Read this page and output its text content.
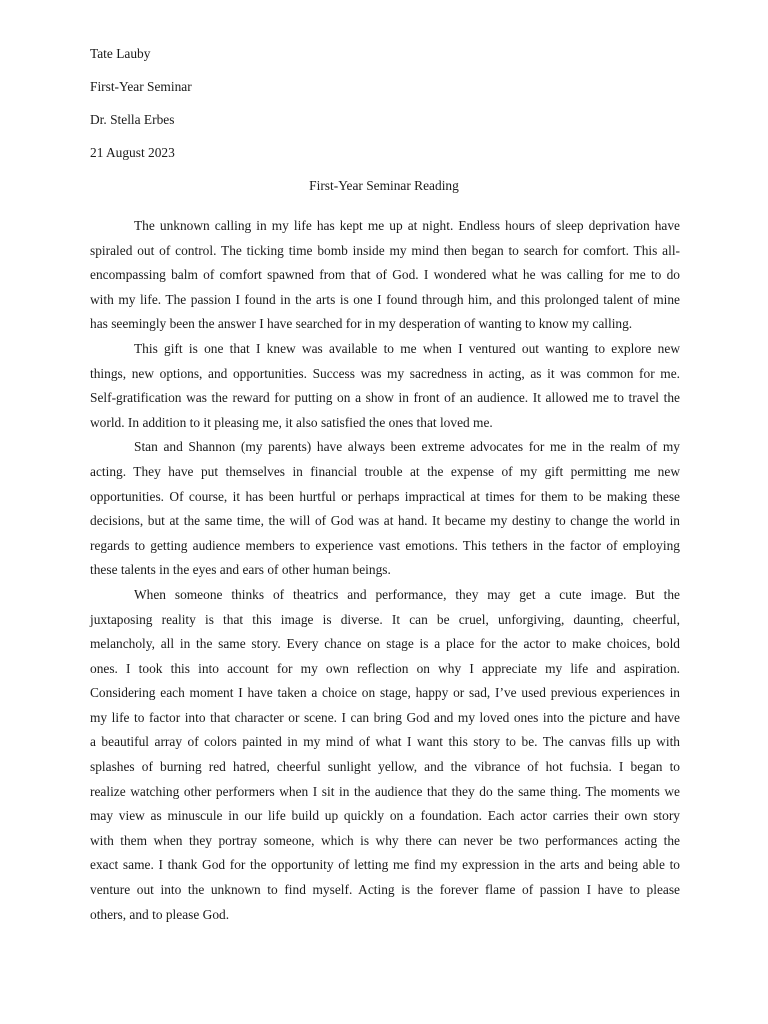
Tate Lauby
First-Year Seminar
Dr. Stella Erbes
21 August 2023
First-Year Seminar Reading

The unknown calling in my life has kept me up at night. Endless hours of sleep deprivation have
spiraled out of control. The ticking time bomb inside my mind then began to search for comfort. This all-
encompassing balm of comfort spawned from that of God. I wondered what he was calling for me to do
with my life. The passion I found in the arts is one I found through him, and this prolonged talent of mine
has seemingly been the answer I have searched for in my desperation of wanting to know my calling.

This gift is one that I knew was available to me when I ventured out wanting to explore new
things, new options, and opportunities. Success was my sacredness in acting, as it was common for me.
Self-gratification was the reward for putting on a show in front of an audience. It allowed me to travel the
world. In addition to it pleasing me, it also satisfied the ones that loved me.

Stan and Shannon (my parents) have always been extreme advocates for me in the realm of my
acting. They have put themselves in financial trouble at the expense of my gift permitting me new
opportunities. Of course, it has been hurtful or perhaps impractical at times for them to be making these
decisions, but at the same time, the will of God was at hand. It became my destiny to change the world in
regards to getting audience members to experience vast emotions. This tethers in the factor of employing
these talents in the eyes and ears of other human beings.

When someone thinks of theatrics and performance, they may get a cute image. But the
juxtaposing reality is that this image is diverse. It can be cruel, unforgiving, daunting, cheerful,
melancholy, all in the same story. Every chance on stage is a place for the actor to make choices, bold
ones. I took this into account for my own reflection on why I appreciate my life and aspiration.
Considering each moment I have taken a choice on stage, happy or sad, I’ve used previous experiences in
my life to factor into that character or scene. I can bring God and my loved ones into the picture and have
a beautiful array of colors painted in my mind of what I want this story to be. The canvas fills up with
splashes of burning red hatred, cheerful sunlight yellow, and the vibrance of hot fuchsia. I began to
realize watching other performers when I sit in the audience that they do the same thing. The moments we
may view as minuscule in our life build up quickly on a foundation. Each actor carries their own story
with them when they portray someone, which is why there can never be two performances acting the
exact same. I thank God for the opportunity of letting me find my expression in the arts and being able to
venture out into the unknown to find myself. Acting is the forever flame of passion I have to please
others, and to please God.
